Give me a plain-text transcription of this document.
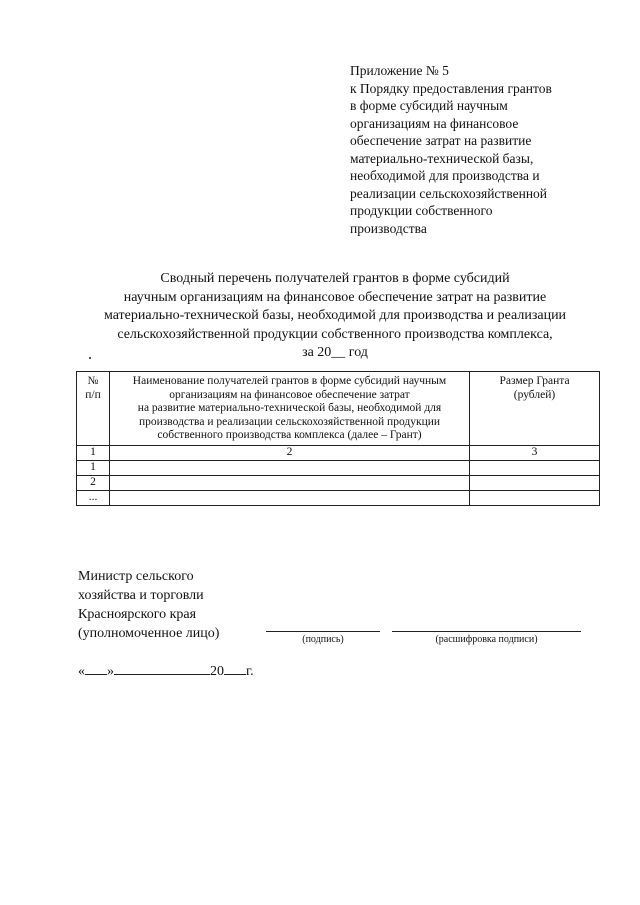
Приложение № 5
к Порядку предоставления грантов
в форме субсидий научным
организациям на финансовое
обеспечение затрат на развитие
материально-технической базы,
необходимой для производства и
реализации сельскохозяйственной
продукции собственного
производства
Сводный перечень получателей грантов в форме субсидий
научным организациям на финансовое обеспечение затрат на развитие
материально-технической базы, необходимой для производства и реализации
сельскохозяйственной продукции собственного производства комплекса,
за 20__ год
№
п/п	Наименование получателей грантов в форме субсидий научным
организациям на финансовое обеспечение затрат
на развитие материально-технической базы, необходимой для
производства и реализации сельскохозяйственной продукции
собственного производства комплекса (далее – Грант)	Размер Гранта
(рублей)

1	2	3
1		
2		
...		
Министр сельского
хозяйства и торговли
Красноярского края
(уполномоченное лицо)	(подпись)	(расшифровка подписи)
« »	20 г.
